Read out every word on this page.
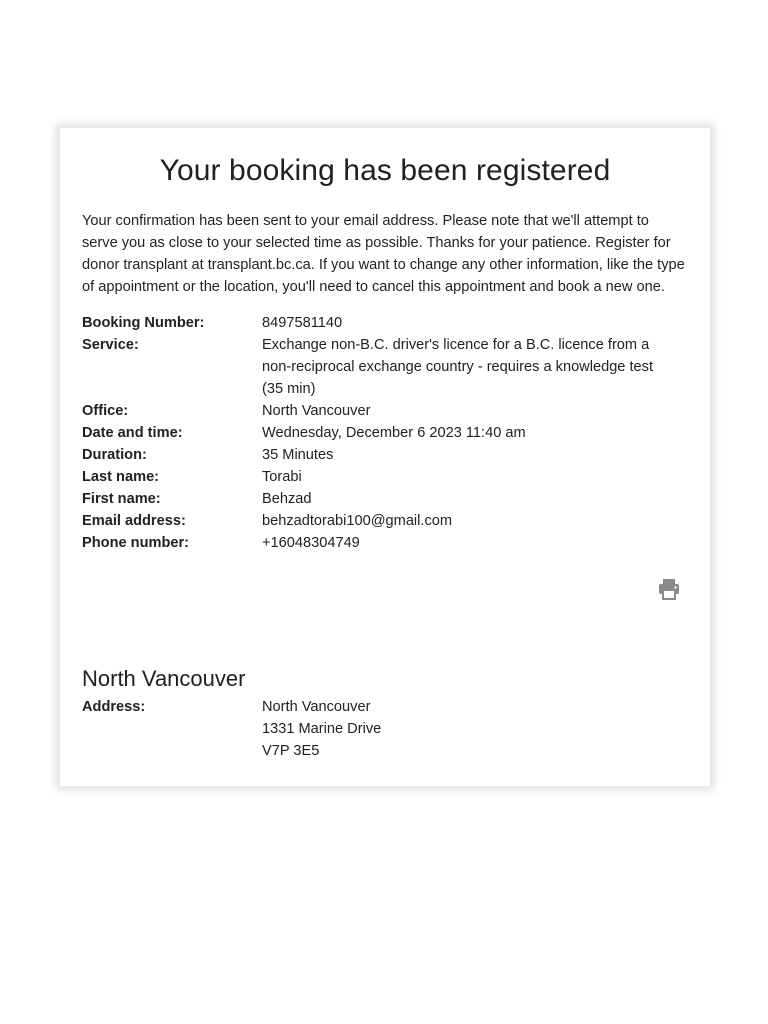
Your booking has been registered

Your confirmation has been sent to your email address. Please note that we'll attempt to serve you as close to your selected time as possible. Thanks for your patience. Register for donor transplant at transplant.bc.ca. If you want to change any other information, like the type of appointment or the location, you'll need to cancel this appointment and book a new one.

Booking Number:	8497581140
Service:	Exchange non-B.C. driver's licence for a B.C. licence from a
non-reciprocal exchange country - requires a knowledge test
(35 min)
Office:	North Vancouver
Date and time:	Wednesday, December 6 2023 11:40 am
Duration:	35 Minutes
Last name:	Torabi
First name:	Behzad
Email address:	behzadtorabi100@gmail.com
Phone number:	+16048304749
North Vancouver
Address:	North Vancouver
1331 Marine Drive
V7P 3E5
